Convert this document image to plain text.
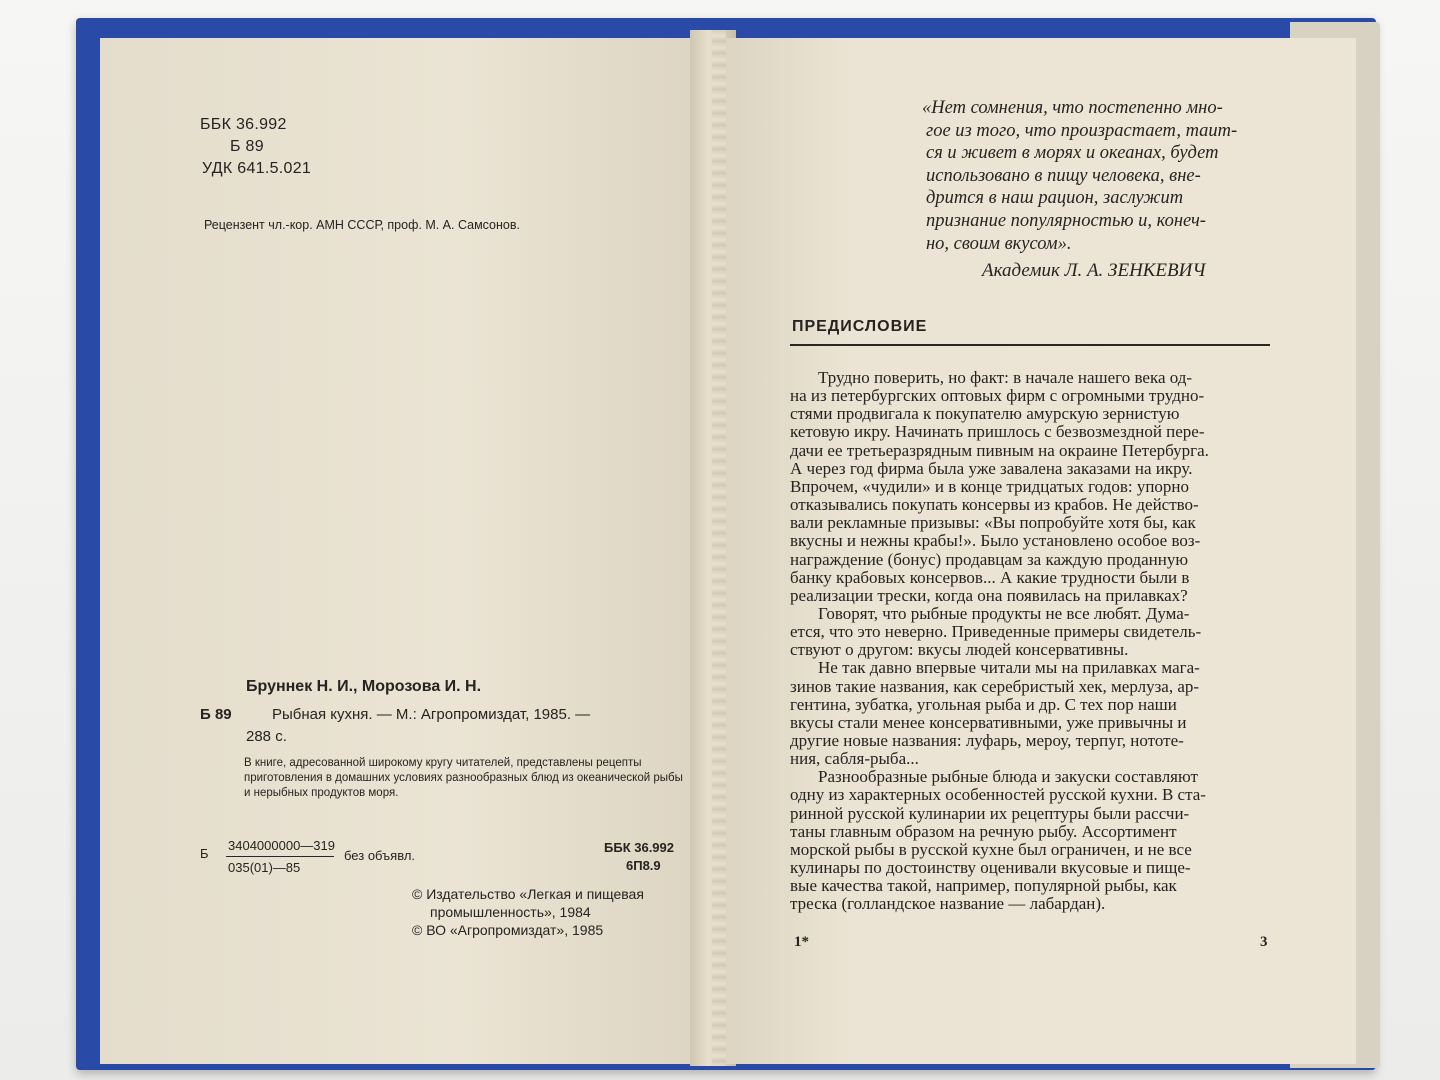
ББК 36.992
Б 89
УДК 641.5.021
Рецензент чл.-кор. АМН СССР, проф. М. А. Самсонов.
Бруннек Н. И., Морозова И. Н.
Б 89	Рыбная кухня. — М.: Агропромиздат, 1985. —
288 с.
В книге, адресованной широкому кругу читателей, представлены рецепты приготовления в домашних условиях разнообразных блюд из океанической рыбы и нерыбных продуктов моря.
Б
3404000000—319
035(01)—85
без объявл.
ББК 36.992
6П8.9
© Издательство «Легкая и пищевая
промышленность», 1984
© ВО «Агропромиздат», 1985
«Нет сомнения, что постепенно мно-
гое из того, что произрастает, таит-
ся и живет в морях и океанах, будет
использовано в пищу человека, вне-
дрится в наш рацион, заслужит
признание популярностью и, конеч-
но, своим вкусом».
Академик Л. А. ЗЕНКЕВИЧ
ПРЕДИСЛОВИЕ
Трудно поверить, но факт: в начале нашего века од-
на из петербургских оптовых фирм с огромными трудно-
стями продвигала к покупателю амурскую зернистую
кетовую икру. Начинать пришлось с безвозмездной пере-
дачи ее третьеразрядным пивным на окраине Петербурга.
А через год фирма была уже завалена заказами на икру.
Впрочем, «чудили» и в конце тридцатых годов: упорно
отказывались покупать консервы из крабов. Не действо-
вали рекламные призывы: «Вы попробуйте хотя бы, как
вкусны и нежны крабы!». Было установлено особое воз-
награждение (бонус) продавцам за каждую проданную
банку крабовых консервов... А какие трудности были в
реализации трески, когда она появилась на прилавках?
Говорят, что рыбные продукты не все любят. Дума-
ется, что это неверно. Приведенные примеры свидетель-
ствуют о другом: вкусы людей консервативны.
Не так давно впервые читали мы на прилавках мага-
зинов такие названия, как серебристый хек, мерлуза, ар-
гентина, зубатка, угольная рыба и др. С тех пор наши
вкусы стали менее консервативными, уже привычны и
другие новые названия: луфарь, мероу, терпуг, нототе-
ния, сабля-рыба...
Разнообразные рыбные блюда и закуски составляют
одну из характерных особенностей русской кухни. В ста-
ринной русской кулинарии их рецептуры были рассчи-
таны главным образом на речную рыбу. Ассортимент
морской рыбы в русской кухне был ограничен, и не все
кулинары по достоинству оценивали вкусовые и пище-
вые качества такой, например, популярной рыбы, как
треска (голландское название — лабардан).
1*	3
